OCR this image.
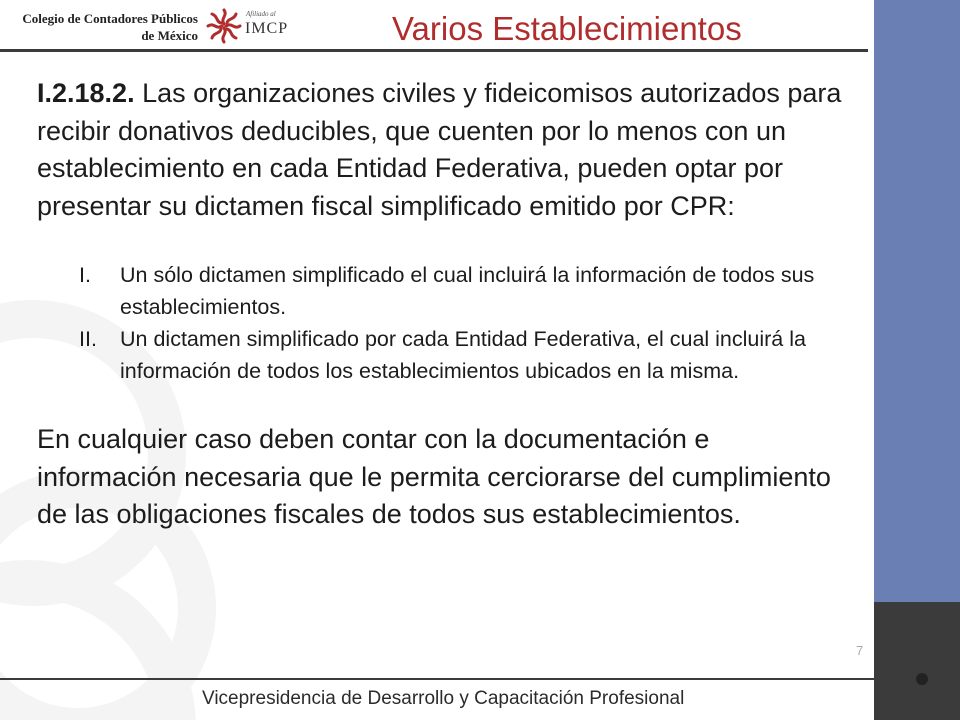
Colegio de Contadores Públicos
de México
Afiliado al
IMCP	Varios Establecimientos

I.2.18.2. Las organizaciones civiles y fideicomisos autorizados para recibir donativos deducibles, que cuenten por lo menos con un establecimiento en cada Entidad Federativa, pueden optar por presentar su dictamen fiscal simplificado emitido por CPR:

I.	Un sólo dictamen simplificado el cual incluirá la información de todos sus establecimientos.
II.	Un dictamen simplificado por cada Entidad Federativa, el cual incluirá la información de todos los establecimientos ubicados en la misma.

En cualquier caso deben contar con la documentación e información necesaria que le permita cerciorarse del cumplimiento de las obligaciones fiscales de todos sus establecimientos.

7
Vicepresidencia de Desarrollo y Capacitación Profesional
